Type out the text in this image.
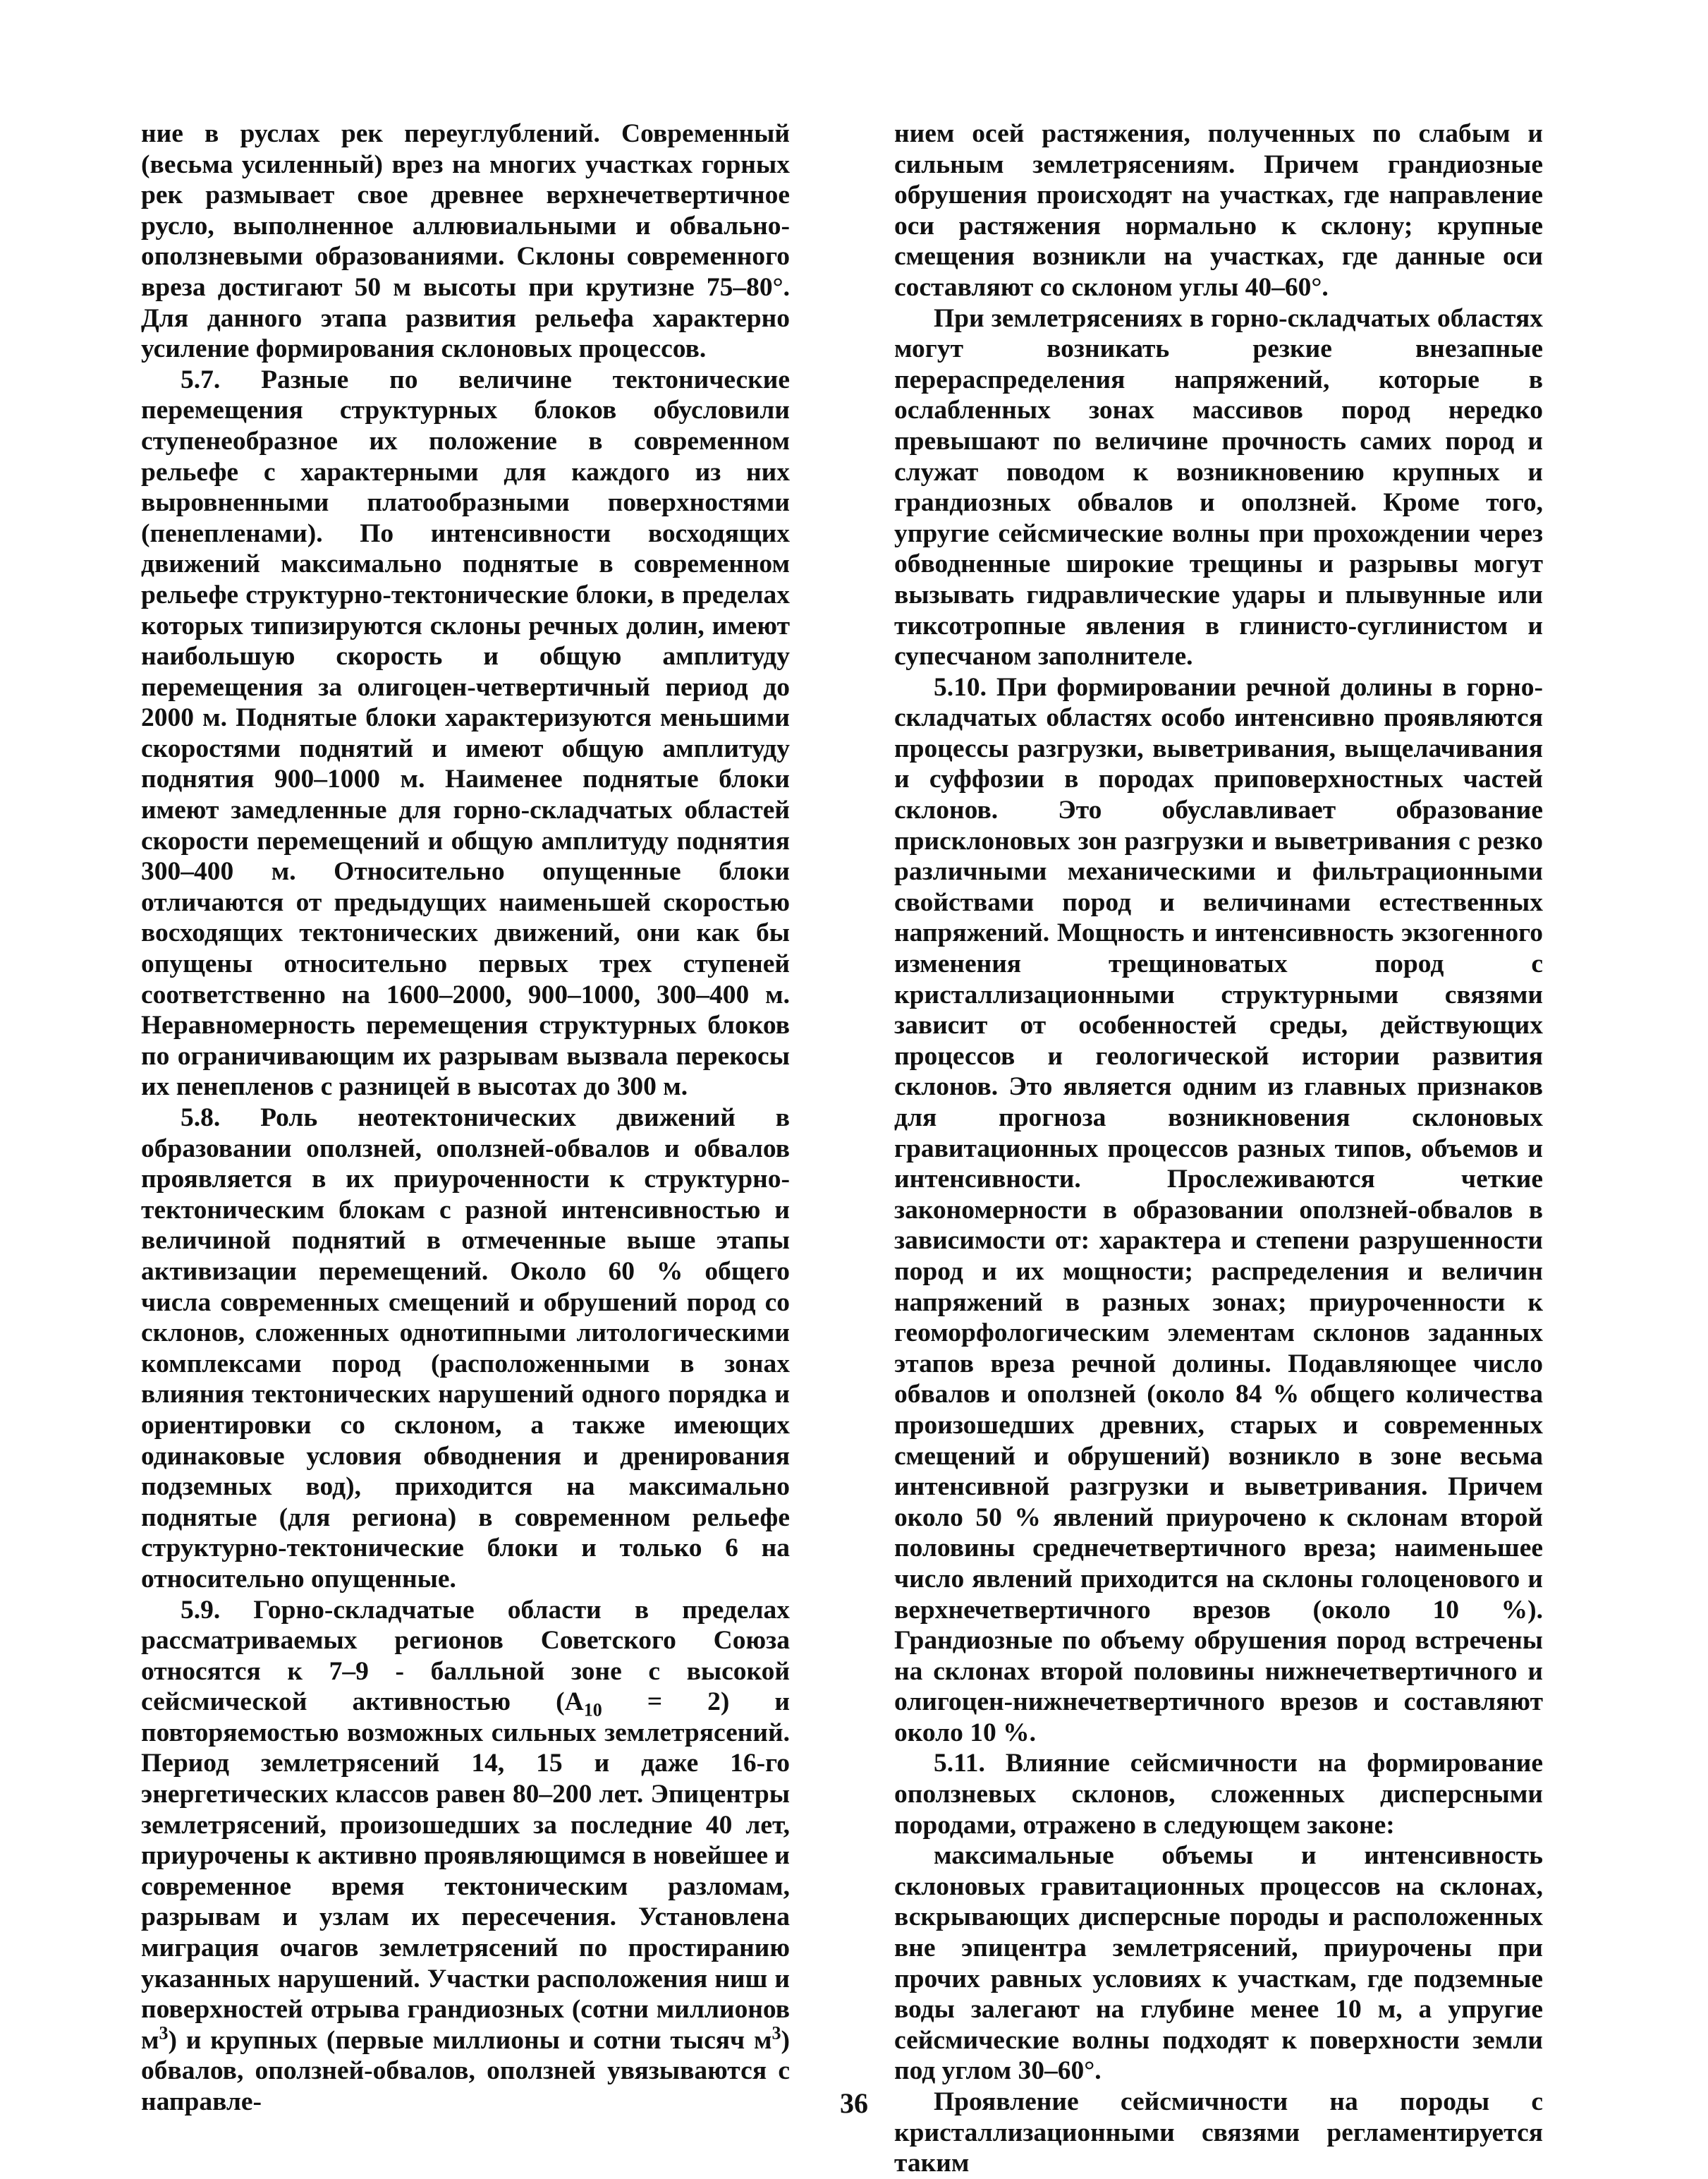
ние в руслах рек переуглублений. Современный (весьма усиленный) врез на многих участках горных рек размывает свое древнее верхнечетвертичное русло, выполненное аллювиальными и обвально-оползневыми образованиями. Склоны современного вреза достигают 50 м высоты при крутизне 75–80°. Для данного этапа развития рельефа характерно усиление формирования склоновых процессов.

5.7. Разные по величине тектонические перемещения структурных блоков обусловили ступенеобразное их положение в современном рельефе с характерными для каждого из них выровненными платообразными поверхностями (пенепленами). По интенсивности восходящих движений максимально поднятые в современном рельефе структурно-тектонические блоки, в пределах которых типизируются склоны речных долин, имеют наибольшую скорость и общую амплитуду перемещения за олигоцен-четвертичный период до 2000 м. Поднятые блоки характеризуются меньшими скоростями поднятий и имеют общую амплитуду поднятия 900–1000 м. Наименее поднятые блоки имеют замедленные для горно-складчатых областей скорости перемещений и общую амплитуду поднятия 300–400 м. Относительно опущенные блоки отличаются от предыдущих наименьшей скоростью восходящих тектонических движений, они как бы опущены относительно первых трех ступеней соответственно на 1600–2000, 900–1000, 300–400 м. Неравномерность перемещения структурных блоков по ограничивающим их разрывам вызвала перекосы их пенепленов с разницей в высотах до 300 м.

5.8. Роль неотектонических движений в образовании оползней, оползней-обвалов и обвалов проявляется в их приуроченности к структурно-тектоническим блокам с разной интенсивностью и величиной поднятий в отмеченные выше этапы активизации перемещений. Около 60 % общего числа современных смещений и обрушений пород со склонов, сложенных однотипными литологическими комплексами пород (расположенными в зонах влияния тектонических нарушений одного порядка и ориентировки со склоном, а также имеющих одинаковые условия обводнения и дренирования подземных вод), приходится на максимально поднятые (для региона) в современном рельефе структурно-тектонические блоки и только 6 на относительно опущенные.

5.9. Горно-складчатые области в пределах рассматриваемых регионов Советского Союза относятся к 7–9 - балльной зоне с высокой сейсмической активностью $(A_{10} = 2)$ и повторяемостью возможных сильных землетрясений. Период землетрясений 14, 15 и даже 16-го энергетических классов равен 80–200 лет. Эпицентры землетрясений, произошедших за последние 40 лет, приурочены к активно проявляющимся в новейшее и современное время тектоническим разломам, разрывам и узлам их пересечения. Установлена миграция очагов землетрясений по простиранию указанных нарушений. Участки расположения ниш и поверхностей отрыва грандиозных (сотни миллионов $м^3$) и крупных (первые миллионы и сотни тысяч $м^3$) обвалов, оползней-обвалов, оползней увязываются с направле-

нием осей растяжения, полученных по слабым и сильным землетрясениям. Причем грандиозные обрушения происходят на участках, где направление оси растяжения нормально к склону; крупные смещения возникли на участках, где данные оси составляют со склоном углы 40–60°.

При землетрясениях в горно-складчатых областях могут возникать резкие внезапные перераспределения напряжений, которые в ослабленных зонах массивов пород нередко превышают по величине прочность самих пород и служат поводом к возникновению крупных и грандиозных обвалов и оползней. Кроме того, упругие сейсмические волны при прохождении через обводненные широкие трещины и разрывы могут вызывать гидравлические удары и плывунные или тиксотропные явления в глинисто-суглинистом и супесчаном заполнителе.

5.10. При формировании речной долины в горно-складчатых областях особо интенсивно проявляются процессы разгрузки, выветривания, выщелачивания и суффозии в породах приповерхностных частей склонов. Это обуславливает образование присклоновых зон разгрузки и выветривания с резко различными механическими и фильтрационными свойствами пород и величинами естественных напряжений. Мощность и интенсивность экзогенного изменения трещиноватых пород с кристаллизационными структурными связями зависит от особенностей среды, действующих процессов и геологической истории развития склонов. Это является одним из главных признаков для прогноза возникновения склоновых гравитационных процессов разных типов, объемов и интенсивности. Прослеживаются четкие закономерности в образовании оползней-обвалов в зависимости от: характера и степени разрушенности пород и их мощности; распределения и величин напряжений в разных зонах; приуроченности к геоморфологическим элементам склонов заданных этапов вреза речной долины. Подавляющее число обвалов и оползней (около 84 % общего количества произошедших древних, старых и современных смещений и обрушений) возникло в зоне весьма интенсивной разгрузки и выветривания. Причем около 50 % явлений приурочено к склонам второй половины среднечетвертичного вреза; наименьшее число явлений приходится на склоны голоценового и верхнечетвертичного врезов (около 10 %). Грандиозные по объему обрушения пород встречены на склонах второй половины нижнечетвертичного и олигоцен-нижнечетвертичного врезов и составляют около 10 %.

5.11. Влияние сейсмичности на формирование оползневых склонов, сложенных дисперсными породами, отражено в следующем законе:

максимальные объемы и интенсивность склоновых гравитационных процессов на склонах, вскрывающих дисперсные породы и расположенных вне эпицентра землетрясений, приурочены при прочих равных условиях к участкам, где подземные воды залегают на глубине менее 10 м, а упругие сейсмические волны подходят к поверхности земли под углом 30–60°.

Проявление сейсмичности на породы с кристаллизационными связями регламентируется таким

36
